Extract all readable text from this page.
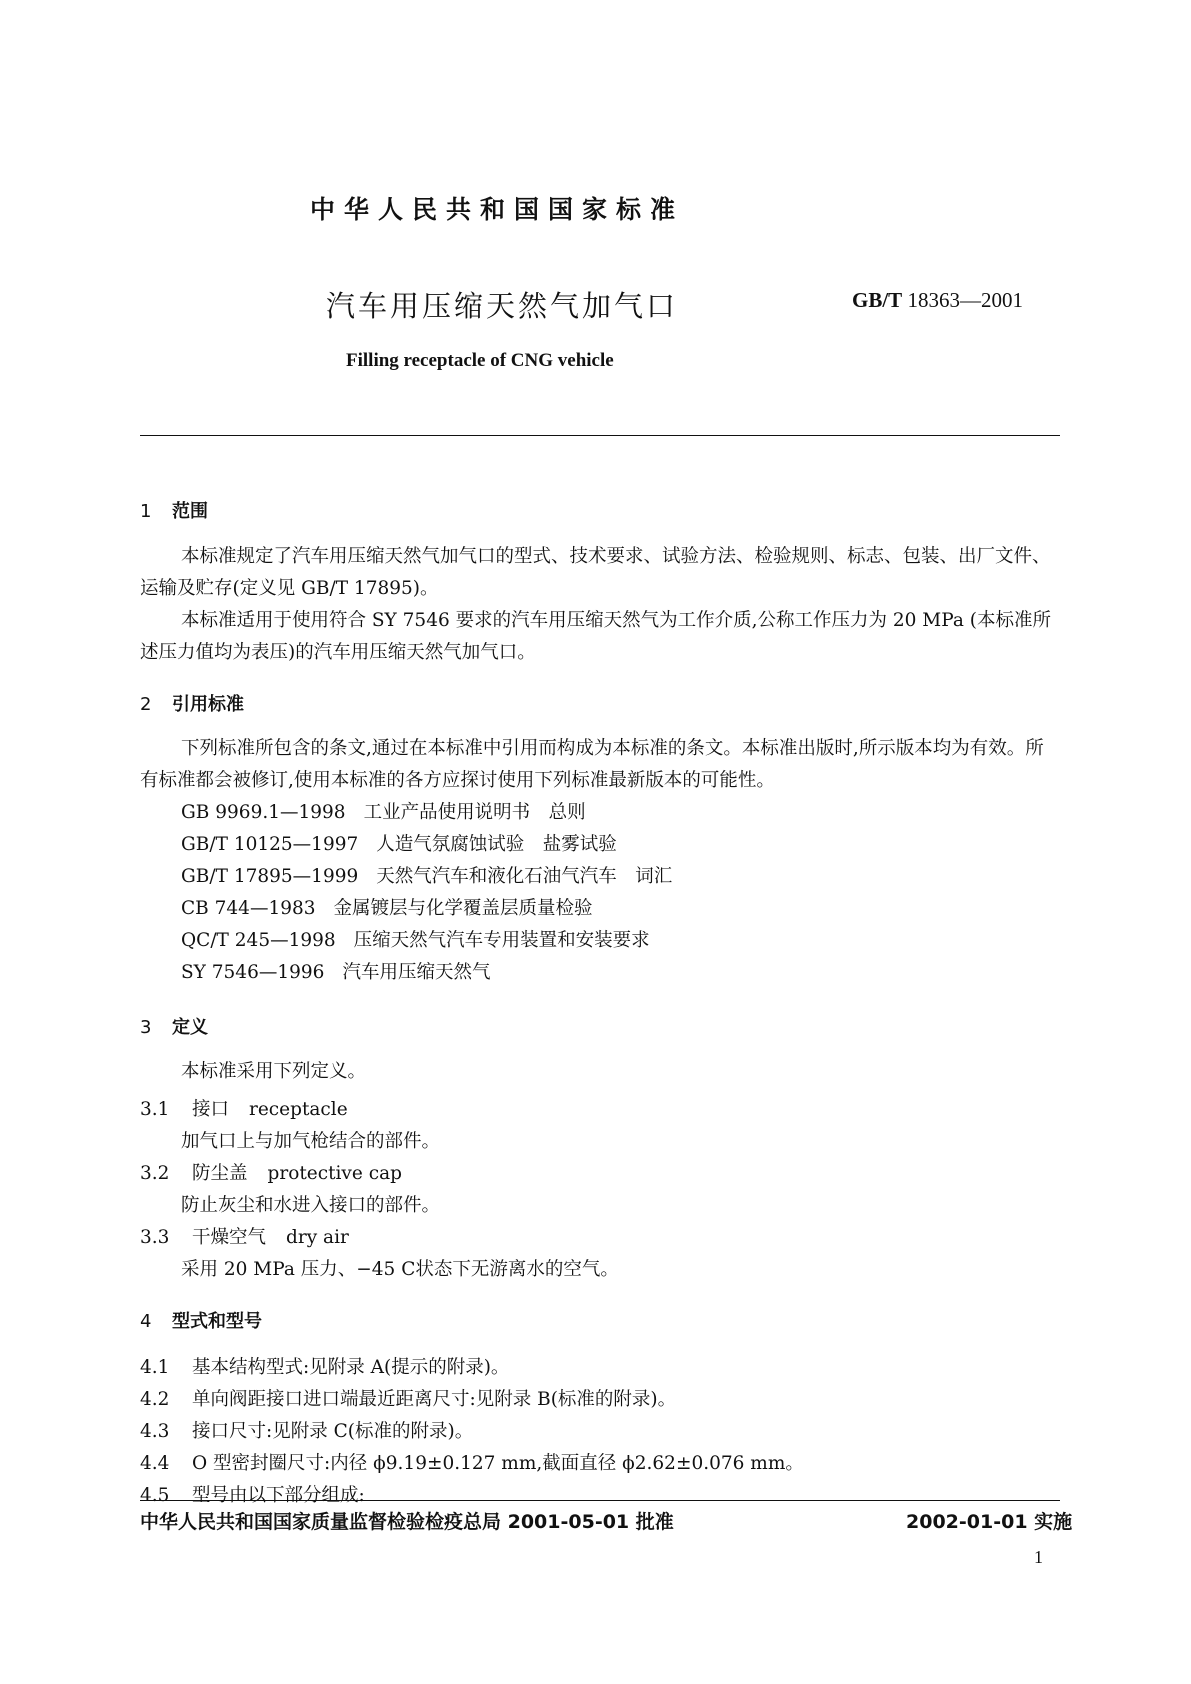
中华人民共和国国家标准
汽车用压缩天然气加气口	GB/T 18363—2001
Filling receptacle of CNG vehicle
1 范围

本标准规定了汽车用压缩天然气加气口的型式、技术要求、试验方法、检验规则、标志、包装、出厂文件、运输及贮存(定义见 GB/T 17895)。

本标准适用于使用符合 SY 7546 要求的汽车用压缩天然气为工作介质,公称工作压力为 20 MPa (本标准所述压力值均为表压)的汽车用压缩天然气加气口。

2 引用标准

下列标准所包含的条文,通过在本标准中引用而构成为本标准的条文。本标准出版时,所示版本均为有效。所有标准都会被修订,使用本标准的各方应探讨使用下列标准最新版本的可能性。

GB 9969.1—1998 工业产品使用说明书　总则
GB/T 10125—1997 人造气氛腐蚀试验　盐雾试验
GB/T 17895—1999 天然气汽车和液化石油气汽车　词汇
CB 744—1983 金属镀层与化学覆盖层质量检验
QC/T 245—1998 压缩天然气汽车专用装置和安装要求
SY 7546—1996 汽车用压缩天然气
3 定义
本标准采用下列定义。
3.1 接口 receptacle
加气口上与加气枪结合的部件。
3.2 防尘盖 protective cap
防止灰尘和水进入接口的部件。
3.3 干燥空气 dry air
采用 20 MPa 压力、−45 C状态下无游离水的空气。
4 型式和型号
4.1 基本结构型式:见附录 A(提示的附录)。
4.2 单向阀距接口进口端最近距离尺寸:见附录 B(标准的附录)。
4.3 接口尺寸:见附录 C(标准的附录)。
4.4 O 型密封圈尺寸:内径 ϕ9.19±0.127 mm,截面直径 ϕ2.62±0.076 mm。
4.5 型号由以下部分组成:
中华人民共和国国家质量监督检验检疫总局 2001-05-01 批准	2002-01-01 实施
1
